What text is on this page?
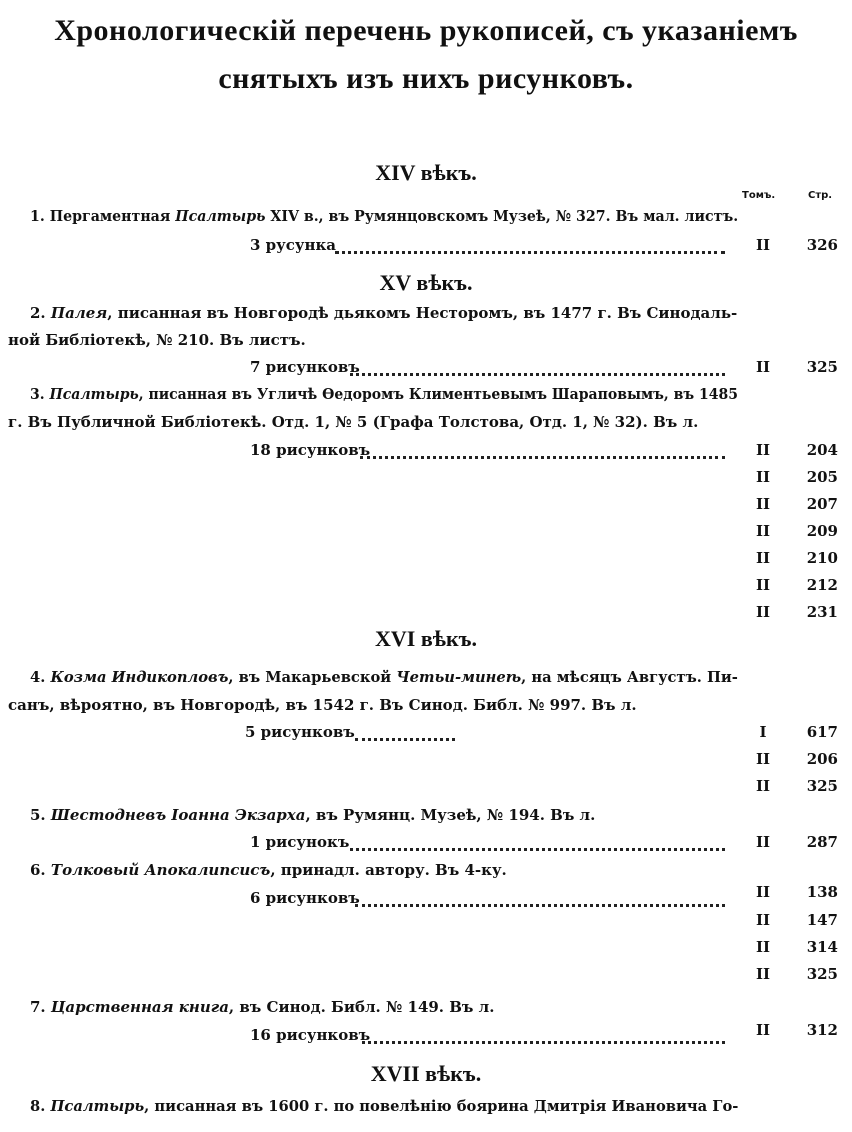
Хронологическій перечень рукописей, съ указаніемъ
снятыхъ изъ нихъ рисунковъ.
XIV вѣкъ.
Томъ.	Стр.
1. Пергаментная Псалтырь XIV в., въ Румянцовскомъ Музеѣ, № 327. Въ мал. листъ.
3 русунка	II	326
XV вѣкъ.
2. Палея, писанная въ Новгородѣ дьякомъ Несторомъ, въ 1477 г. Въ Синодаль-
ной Библіотекѣ, № 210. Въ листъ.
7 рисунковъ	II	325
3. Псалтырь, писанная въ Угличѣ Ѳедоромъ Климентьевымъ Шараповымъ, въ 1485
г. Въ Публичной Библіотекѣ. Отд. 1, № 5 (Графа Толстова, Отд. 1, № 32). Въ л.
18 рисунковъ	II	204
II	205
II	207
II	209
II	210
II	212
II	231
XVI вѣкъ.
4. Козма Индикопловъ, въ Макарьевской Четьи-минеѣ, на мѣсяцъ Августъ. Пи-
санъ, вѣроятно, въ Новгородѣ, въ 1542 г. Въ Синод. Библ. № 997. Въ л.
5 рисунковъ	I	617
II	206
II	325
5. Шестодневъ Іоанна Экзарха, въ Румянц. Музеѣ, № 194. Въ л.
1 рисунокъ	II	287
6. Толковый Апокалипсисъ, принадл. автору. Въ 4-ку.
6 рисунковъ	II	138
II	147
II	314
II	325
7. Царственная книга, въ Синод. Библ. № 149. Въ л.
16 рисунковъ	II	312
XVII вѣкъ.
8. Псалтырь, писанная въ 1600 г. по повелѣнію боярина Дмитрія Ивановича Го-
